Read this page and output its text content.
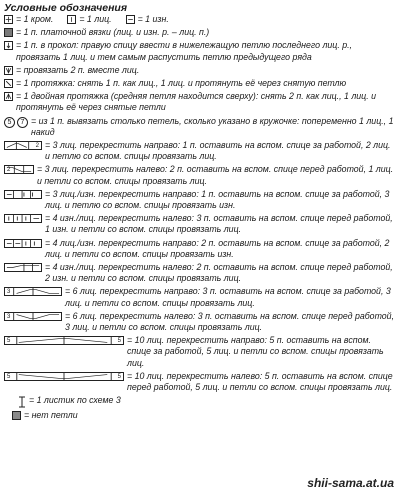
Условные обозначения
= 1 кром.	= 1 лиц.	= 1 изн.
= 1 п. платочной вязки (лиц. и изн. р. – лиц. п.)
= 1 п. в прокол: правую спицу ввести в нижележащую петлю последнего лиц. р., провязать 1 лиц. и тем самым распустить петлю предыдущего ряда
= провязать 2 п. вместе лиц.
= 1 протяжка: снять 1 п. как лиц., 1 лиц. и протянуть её через снятую петлю
= 1 двойная протяжка (средняя петля находится сверху): снять 2 п. как лиц., 1 лиц. и протянуть её через снятые петли
5	7 = из 1 п. вывязать столько петель, сколько указано в кружочке: попеременно 1 лиц., 1 накид
2 = 3 лиц. перекрестить направо: 1 п. оставить на вспом. спице за работой, 2 лиц. и петлю со вспом. спицы провязать лиц.
2	= 3 лиц. перекрестить налево: 2 п. оставить на вспом. спице перед работой, 1 лиц. и петли со вспом. спицы провязать лиц.
= 3 лиц./изн. перекрестить направо: 1 п. оставить на вспом. спице за работой, 3 лиц. и петлю со вспом. спицы провязать изн.
= 4 изн./лиц. перекрестить налево: 3 п. оставить на вспом. спице перед работой, 1 изн. и петли со вспом. спицы провязать лиц.
= 4 лиц./изн. перекрестить направо: 2 п. оставить на вспом. спице за работой, 2 лиц. и петли со вспом. спицы провязать изн.
= 4 изн./лиц. перекрестить налево: 2 п. оставить на вспом. спице перед работой, 2 изн. и петли со вспом. спицы провязать лиц.
3	= 6 лиц. перекрестить направо: 3 п. оставить на вспом. спице за работой, 3 лиц. и петли со вспом. спицы провязать лиц.
3	= 6 лиц. перекрестить налево: 3 п. оставить на вспом. спице перед работой, 3 лиц. и петли со вспом. спицы провязать лиц.
5	5 = 10 лиц. перекрестить направо: 5 п. оставить на вспом. спице за работой, 5 лиц. и петли со вспом. спицы провязать лиц.
5	5 = 10 лиц. перекрестить налево: 5 п. оставить на вспом. спице перед работой, 5 лиц. и петли со вспом. спицы провязать лиц.
= 1 листик по схеме 3
= нет петли
shii-sama.at.ua
